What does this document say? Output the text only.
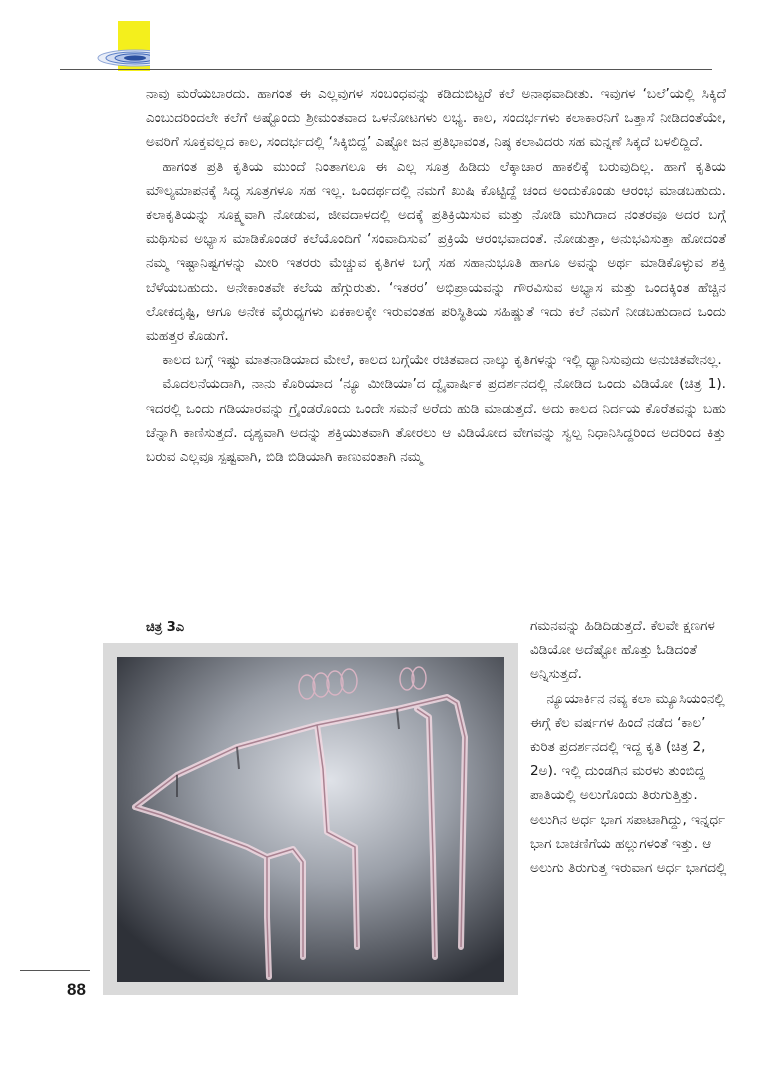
ನಾವು ಮರೆಯಬಾರದು. ಹಾಗಂತ ಈ ಎಲ್ಲವುಗಳ ಸಂಬಂಧವನ್ನು ಕಡಿದುಬಿಟ್ಟರೆ ಕಲೆ ಅನಾಥವಾದೀತು. ಇವುಗಳ ‘ಬಲೆ’ಯಲ್ಲಿ ಸಿಕ್ಕಿದೆ ಎಂಬುದರಿಂದಲೇ ಕಲೆಗೆ ಅಷ್ಟೊಂದು ಶ್ರೀಮಂತವಾದ ಒಳನೋಟಗಳು ಲಭ್ಯ. ಕಾಲ, ಸಂದರ್ಭಗಳು ಕಲಾಕಾರನಿಗೆ ಒತ್ತಾಸೆ ನೀಡಿದಂತೆಯೇ, ಅವರಿಗೆ ಸೂಕ್ತವಲ್ಲದ ಕಾಲ, ಸಂದರ್ಭದಲ್ಲಿ ‘ಸಿಕ್ಕಿಬಿದ್ದ’ ಎಷ್ಟೋ ಜನ ಪ್ರತಿಭಾವಂತ, ನಿಷ್ಠ ಕಲಾವಿದರು ಸಹ ಮನ್ನಣೆ ಸಿಕ್ಕದೆ ಬಳಲಿದ್ದಿದೆ.

ಹಾಗಂತ ಪ್ರತಿ ಕೃತಿಯ ಮುಂದೆ ನಿಂತಾಗಲೂ ಈ ಎಲ್ಲ ಸೂತ್ರ ಹಿಡಿದು ಲೆಕ್ಕಾಚಾರ ಹಾಕಲಿಕ್ಕೆ ಬರುವುದಿಲ್ಲ. ಹಾಗೆ ಕೃತಿಯ ಮೌಲ್ಯಮಾಪನಕ್ಕೆ ಸಿದ್ಧ ಸೂತ್ರಗಳೂ ಸಹ ಇಲ್ಲ. ಒಂದರ್ಥದಲ್ಲಿ ನಮಗೆ ಖುಷಿ ಕೊಟ್ಟಿದ್ದೆ ಚಂದ ಅಂದುಕೊಂಡು ಆರಂಭ ಮಾಡಬಹುದು. ಕಲಾಕೃತಿಯನ್ನು ಸೂಕ್ಷ್ಮವಾಗಿ ನೋಡುವ, ಜೀವದಾಳದಲ್ಲಿ ಅದಕ್ಕೆ ಪ್ರತಿಕ್ರಿಯಿಸುವ ಮತ್ತು ನೋಡಿ ಮುಗಿದಾದ ನಂತರವೂ ಅದರ ಬಗ್ಗೆ ಮಥಿಸುವ ಅಭ್ಯಾಸ ಮಾಡಿಕೊಂಡರೆ ಕಲೆಯೊಂದಿಗೆ ‘ಸಂವಾದಿಸುವ’ ಪ್ರಕ್ರಿಯೆ ಆರಂಭವಾದಂತೆ. ನೋಡುತ್ತಾ, ಅನುಭವಿಸುತ್ತಾ ಹೋದಂತೆ ನಮ್ಮ ಇಷ್ಟಾನಿಷ್ಟಗಳನ್ನು ಮೀರಿ ಇತರರು ಮೆಚ್ಚುವ ಕೃತಿಗಳ ಬಗ್ಗೆ ಸಹ ಸಹಾನುಭೂತಿ ಹಾಗೂ ಅವನ್ನು ಅರ್ಥ ಮಾಡಿಕೊಳ್ಳುವ ಶಕ್ತಿ ಬೆಳೆಯಬಹುದು. ಅನೇಕಾಂತವೇ ಕಲೆಯ ಹೆಗ್ಗುರುತು. ‘ಇತರರ’ ಅಭಿಪ್ರಾಯವನ್ನು ಗೌರವಿಸುವ ಅಭ್ಯಾಸ ಮತ್ತು ಒಂದಕ್ಕಿಂತ ಹೆಚ್ಚಿನ ಲೋಕದೃಷ್ಟಿ, ಆಗೂ ಅನೇಕ ವೈರುಧ್ಯಗಳು ಏಕಕಾಲಕ್ಕೇ ಇರುವಂತಹ ಪರಿಸ್ಥಿತಿಯ ಸಹಿಷ್ಣುತೆ ಇದು ಕಲೆ ನಮಗೆ ನೀಡಬಹುದಾದ ಒಂದು ಮಹತ್ತರ ಕೊಡುಗೆ.

ಕಾಲದ ಬಗ್ಗೆ ಇಷ್ಟು ಮಾತನಾಡಿಯಾದ ಮೇಲೆ, ಕಾಲದ ಬಗ್ಗೆಯೇ ರಚಿತವಾದ ನಾಲ್ಕು ಕೃತಿಗಳನ್ನು ಇಲ್ಲಿ ಧ್ಯಾನಿಸುವುದು ಅನುಚಿತವೇನಲ್ಲ.

ಮೊದಲನೆಯದಾಗಿ, ನಾನು ಕೊರಿಯಾದ ‘ನ್ಯೂ ಮೀಡಿಯಾ’ದ ದ್ವೈವಾರ್ಷಿಕ ಪ್ರದರ್ಶನದಲ್ಲಿ ನೋಡಿದ ಒಂದು ವಿಡಿಯೋ (ಚಿತ್ರ 1). ಇದರಲ್ಲಿ ಒಂದು ಗಡಿಯಾರವನ್ನು ಗ್ರೈಂಡರೊಂದು ಒಂದೇ ಸಮನೆ ಅರೆದು ಹುಡಿ ಮಾಡುತ್ತದೆ. ಅದು ಕಾಲದ ನಿರ್ದಯ ಕೊರೆತವನ್ನು ಬಹು ಚೆನ್ನಾಗಿ ಕಾಣಿಸುತ್ತದೆ. ದೃಶ್ಯವಾಗಿ ಅದನ್ನು ಶಕ್ತಿಯುತವಾಗಿ ತೋರಲು ಆ ವಿಡಿಯೋದ ವೇಗವನ್ನು ಸ್ವಲ್ಪ ನಿಧಾನಿಸಿದ್ದರಿಂದ ಅದರಿಂದ ಕಿತ್ತು ಬರುವ ಎಲ್ಲವೂ ಸ್ಪಷ್ಟವಾಗಿ, ಬಿಡಿ ಬಿಡಿಯಾಗಿ ಕಾಣುವಂತಾಗಿ ನಮ್ಮ

ಚಿತ್ರ 3ಎ	ಗಮನವನ್ನು ಹಿಡಿದಿಡುತ್ತದೆ. ಕೆಲವೇ ಕ್ಷಣಗಳ ವಿಡಿಯೋ ಅದೆಷ್ಟೋ ಹೊತ್ತು ಓಡಿದಂತೆ ಅನ್ನಿಸುತ್ತದೆ.

ನ್ಯೂಯಾರ್ಕಿನ ನವ್ಯ ಕಲಾ ಮ್ಯೂಸಿಯಂನಲ್ಲಿ ಈಗ್ಗೆ ಕೆಲ ವರ್ಷಗಳ ಹಿಂದೆ ನಡೆದ ‘ಕಾಲ’ ಕುರಿತ ಪ್ರದರ್ಶನದಲ್ಲಿ ಇದ್ದ ಕೃತಿ (ಚಿತ್ರ 2, 2ಅ). ಇಲ್ಲಿ ದುಂಡಗಿನ ಮರಳು ತುಂಬಿದ್ದ ಪಾತಿಯಲ್ಲಿ ಅಲುಗೊಂದು ತಿರುಗುತ್ತಿತ್ತು. ಅಲುಗಿನ ಅರ್ಧ ಭಾಗ ಸಪಾಟಾಗಿದ್ದು, ಇನ್ನರ್ಧ ಭಾಗ ಬಾಚಣಿಗೆಯ ಹಲ್ಲುಗಳಂತೆ ಇತ್ತು. ಆ ಅಲುಗು ತಿರುಗುತ್ತ ಇರುವಾಗ ಅರ್ಧ ಭಾಗದಲ್ಲಿ

88
